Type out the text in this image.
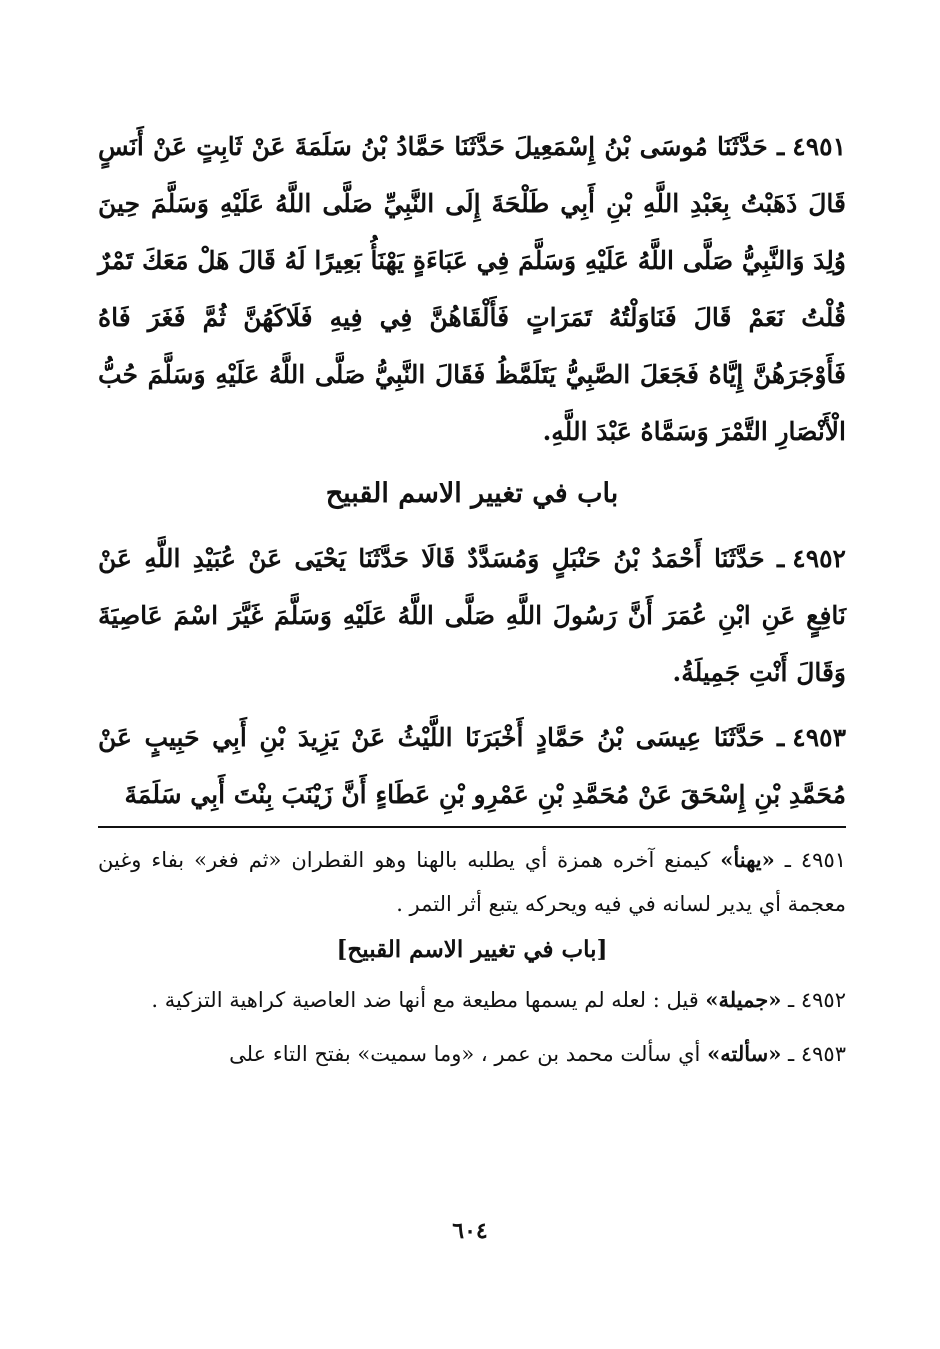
٤٩٥١ـ حَدَّثَنَا مُوسَى بْنُ إِسْمَعِيلَ حَدَّثَنَا حَمَّادُ بْنُ سَلَمَةَ عَنْ ثَابِتٍ عَنْ أَنَسٍ قَالَ ذَهَبْتُ بِعَبْدِ اللَّهِ بْنِ أَبِي طَلْحَةَ إِلَى النَّبِيِّ صَلَّى اللَّهُ عَلَيْهِ وَسَلَّمَ حِينَ وُلِدَ وَالنَّبِيُّ صَلَّى اللَّهُ عَلَيْهِ وَسَلَّمَ فِي عَبَاءَةٍ يَهْنَأُ بَعِيرًا لَهُ قَالَ هَلْ مَعَكَ تَمْرٌ قُلْتُ نَعَمْ قَالَ فَنَاوَلْتُهُ تَمَرَاتٍ فَأَلْقَاهُنَّ فِي فِيهِ فَلَاكَهُنَّ ثُمَّ فَغَرَ فَاهُ فَأَوْجَرَهُنَّ إِيَّاهُ فَجَعَلَ الصَّبِيُّ يَتَلَمَّظُ فَقَالَ النَّبِيُّ صَلَّى اللَّهُ عَلَيْهِ وَسَلَّمَ حُبُّ الْأَنْصَارِ التَّمْرَ وَسَمَّاهُ عَبْدَ اللَّهِ.

باب في تغيير الاسم القبيح

٤٩٥٢ـ حَدَّثَنَا أَحْمَدُ بْنُ حَنْبَلٍ وَمُسَدَّدٌ قَالَا حَدَّثَنَا يَحْيَى عَنْ عُبَيْدِ اللَّهِ عَنْ نَافِعٍ عَنِ ابْنِ عُمَرَ أَنَّ رَسُولَ اللَّهِ صَلَّى اللَّهُ عَلَيْهِ وَسَلَّمَ غَيَّرَ اسْمَ عَاصِيَةَ وَقَالَ أَنْتِ جَمِيلَةُ.

٤٩٥٣ـ حَدَّثَنَا عِيسَى بْنُ حَمَّادٍ أَخْبَرَنَا اللَّيْثُ عَنْ يَزِيدَ بْنِ أَبِي حَبِيبٍ عَنْ مُحَمَّدِ بْنِ إِسْحَقَ عَنْ مُحَمَّدِ بْنِ عَمْرِو بْنِ عَطَاءٍ أَنَّ زَيْنَبَ بِنْتَ أَبِي سَلَمَةَ

٤٩٥١ ـ «يهنأ» كيمنع آخره همزة أي يطلبه بالهنا وهو القطران «ثم فغر» بفاء وغين معجمة أي يدير لسانه في فيه ويحركه يتبع أثر التمر .

[باب في تغيير الاسم القبيح]

٤٩٥٢ ـ «جميلة» قيل : لعله لم يسمها مطيعة مع أنها ضد العاصية كراهية التزكية .

٤٩٥٣ ـ «سألته» أي سألت محمد بن عمر ، «وما سميت» بفتح التاء على

٦٠٤
